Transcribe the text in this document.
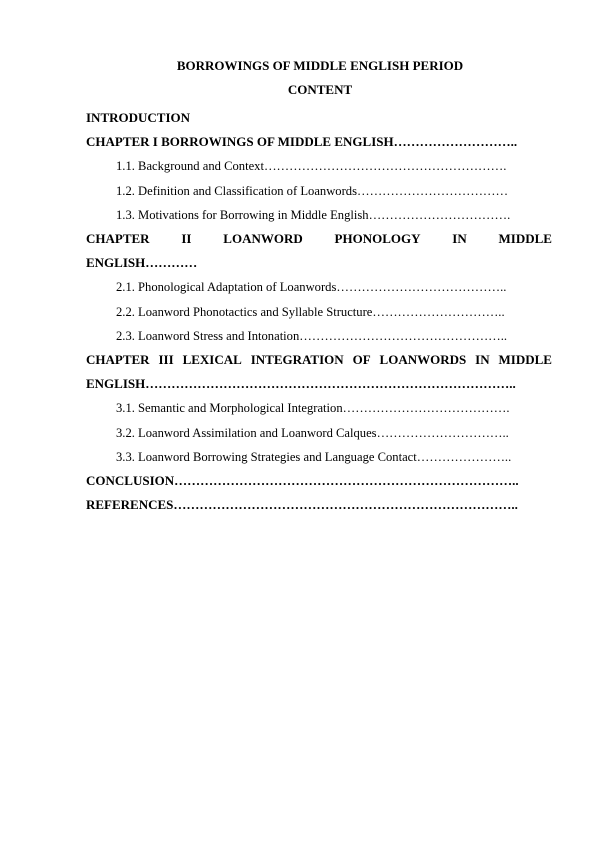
BORROWINGS OF MIDDLE ENGLISH PERIOD
CONTENT
INTRODUCTION
CHAPTER I BORROWINGS OF MIDDLE ENGLISH………………………..
1.1. Background and Context………………………………………………….
1.2. Definition and Classification of Loanwords………………………………
1.3. Motivations for Borrowing in Middle English…………………………….
CHAPTER II LOANWORD PHONOLOGY IN MIDDLE
ENGLISH…………
2.1. Phonological Adaptation of Loanwords…………………………………..
2.2. Loanword Phonotactics and Syllable Structure…………………………..
2.3. Loanword Stress and Intonation…………………………………………..
CHAPTER III LEXICAL INTEGRATION OF LOANWORDS IN MIDDLE
ENGLISH…………………………………………………………………………..
3.1. Semantic and Morphological Integration………………………………….
3.2. Loanword Assimilation and Loanword Calques…………………………..
3.3. Loanword Borrowing Strategies and Language Contact…………………..
CONCLUSION……………………………………………………………………..
REFERENCES……………………………………………………………………..
